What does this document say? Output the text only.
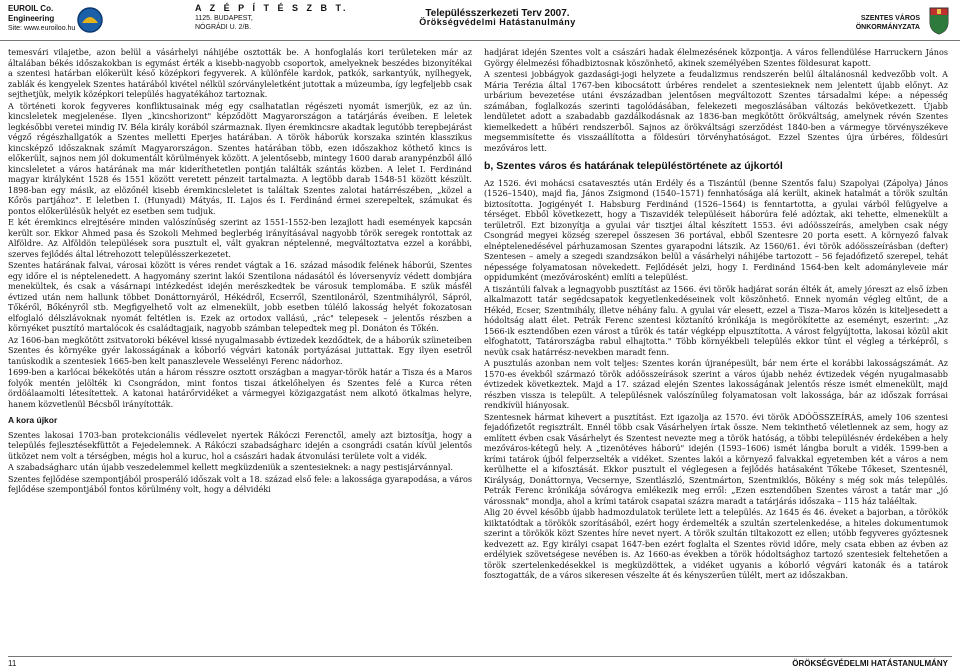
EUROIL Co.
Engineering
Site: www.euroiloo.hu
A Z É P Í T É S Z B T.
1125. BUDAPEST,
NÓGRÁDI U. 2/B.
Településszerkezeti Terv 2007.
Örökségvédelmi Hatástanulmány	SZENTES VÁROS
ÖNKORMÁNYZATA

temesvári vilajetbe, azon belül a vásárhelyi náhijébe osztották be. A honfoglalás kori területeken már az általában békés időszakokban is egymást érték a kisebb-nagyobb csoportok, amelyeknek beszédes bizonyítékai a szentesi határban előkerült késő középkori fegyverek. A különféle kardok, patkók, sarkantyúk, nyílhegyek, zablák és kengyelek Szentes határából kivétel nélkül szórványleletként jutottak a múzeumba, így legfeljebb csak sejthetjük, melyik középkori település hagyatékához tartoznak.

A történeti korok fegyveres konfliktusainak még egy csalhatatlan régészeti nyomát ismerjük, ez az ún. kincsleletek megjelenése. Ilyen „kincshorizont" képződött Magyarországon a tatárjárás éveiben. E leletek legkésőbbi veretei mindig IV. Béla király korából származnak. Ilyen éremkincsre akadtak legutóbb terepbejárást végző régészhallgatók a Szentes melletti Eperjes határában. A török háborúk korszaka szintén klasszikus kincsképző időszaknak számít Magyarországon. Szentes határában több, ezen időszakhoz köthető kincs is előkerült, sajnos nem jól dokumentált körülmények között. A jelentősebb, mintegy 1600 darab aranypénzből álló kincsleletet a város határának ma már kideríthetetlen pontján találták szántás közben. A lelet I. Ferdinánd magyar királyként 1528 és 1551 között veretett pénzeit tartalmazta. A legtöbb darab 1548-51 között készült. 1898-ban egy másik, az elözőnél kisebb éremkincsleletet is találtak Szentes zalotai határrészében, „közel a Kőrös partjához". E leletben I. (Hunyadi) Mátyás, II. Lajos és I. Ferdinánd érmei szerepeltek, számukat és pontos előkerülésük helyét ez esetben sem tudjuk.

E két éremkincs elrejtésére minden valószínűség szerint az 1551-1552-ben lezajlott hadi események kapcsán került sor. Ekkor Ahmed pasa és Szokoli Mehmed beglerbég irányításával nagyobb török seregek rontottak az Alföldre. Az Alföldön települések sora pusztult el, vált gyakran néptelenné, megváltoztatva ezzel a korábbi, szerves fejlődés által létrehozott településszerkezetet.

Szentes határának falvai, városai között is véres rendet vágtak a 16. század második felének háborúi, Szentes egy időre el is néptelenedett. A hagyomány szerint lakói Szentilona nádasától és lóversenyvíz védett dombjára menekültek, és csak a vásárnapi intézkedést idején merészkedtek be városuk templomába. E szük másfél évtized után nem hallunk többet Donáttornyáról, Hékédről, Ecserről, Szentilonáról, Szentmihályról, Sápról, Tőkéről, Bőkényről stb. Megfigyelhető volt az elmenekült, jobb esetben túlélő lakosság helyét fokozatosan elfoglaló délszlávoknak nyomát feltétlen is. Ezek az ortodox vallású, „rác" telepesek – jelentős részben a környéket pusztító martalócok és családtagjaik, nagyobb számban telepedtek meg pl. Donáton és Tőkén.

Az 1606-ban megkötött zsitvatoroki békével kissé nyugalmasabb évtizedek kezdődtek, de a háborúk szüneteiben Szentes és környéke gyér lakosságának a kóborló végvári katonák portyázásai juttattak. Egy ilyen esetről tanúskodik a szentesiek 1665-ben kelt panaszlevele Wesselényi Ferenc nádorhoz.

1699-ben a karlócai békekötés után a három résszre osztott országban a magyar-török határ a Tisza és a Maros folyók mentén jelölték ki Csongrádon, mint fontos tiszai átkelőhelyen és Szentes felé a Kurca réten ördöálaamolti létesítettek. A katonai határőrvidéket a vármegyei közigazgatást nem alkotó ötkalmas helyre, hanem közvetlenül Bécsből irányították.

A kora újkor

Szentes lakosai 1703-ban protekcionális védlevelet nyertek Rákóczi Ferenctől, amely azt biztosítja, hogy a település fejlesztésekfüttöt a Fejedelemnek. A Rákóczi szabadságharc idején a csongrádi csatán kívül jelentős ütközet nem volt a térségben, mégis hol a kuruc, hol a császári hadak átvonulási területe volt a vidék.

A szabadságharc után újabb veszedelemmel kellett megküzdeniük a szentesieknek: a nagy pestisjárvánnyal.

Szentes fejlődése szempontjából prosperáló időszak volt a 18. század első fele: a lakossága gyarapodása, a város fejlődése szempontjából fontos körülmény volt, hogy a délvidéki

hadjárat idején Szentes volt a császári hadak élelmezésének központja. A város fellendülése Harruckern János György élelmezési főhadbiztosnak köszönhető, akinek személyében Szentes földesurat kapott.

A szentesi jobbágyok gazdasági-jogi helyzete a feudalizmus rendszerén belül általánosnál kedvezőbb volt. A Mária Terézia által 1767-ben kibocsátott úrbéres rendelet a szentesieknek nem jelentett újabb előnyt. Az urbárium bevezetése utáni évszázadban jelentősen megváltozott Szentes társadalmi képe: a népesség számában, foglalkozás szerinti tagolódásában, felekezeti megoszlásában változás bekövetkezett. Újabb lendületet adott a szabadabb gazdálkodásnak az 1836-ban megkötött örökváltság, amelynek révén Szentes kiemelkedett a hűbéri rendszerből. Sajnos az örökváltsági szerződést 1840-ben a vármegye törvényszékeve megsemmisítette és visszaállította a földesúri törvényhatóságot. Ezzel Szentes újra úrbéres, földesúri mezőváros lett.

b, Szentes város és határának településtörténete az újkortól

Az 1526. évi mohácsi csatavesztés után Erdély és a Tiszántúl (benne Szentős falu) Szapolyai (Zápolya) János (1526–1540), majd fia, János Zsigmond (1540–1571) fennhatósága alá került, akinek hatalmát a török szultán biztosította. Jogigényét I. Habsburg Ferdinánd (1526–1564) is fenntartotta, a gyulai várból felügyelve a térséget. Ebből következett, hogy a Tiszavidék településeit háborúra felé adóztak, aki tehette, elmenekült a területről. Ezt bizonyítja a gyulai vár tisztjei által készített 1553. évi adóösszeírás, amelyben csak négy Csongrád megyei község szerepel összesen 36 portával, ebből Szentesre 20 porta esett. A környező falvak elnéptelenedésével párhuzamosan Szentes gyarapodni látszik. Az 1560/61. évi török adóösszeírásban (defter) Szentesen – amely a szegedi szandzsákon belül a vásárhelyi náhijébe tartozott – 56 fejadófizető szerepel, tehát népessége folyamatosan növekedett. Fejlődését jelzi, hogy I. Ferdinánd 1564-ben kelt adományleveie már oppidumként (mezővárosként) említi a települést.

A tiszántúli falvak a legnagyobb pusztítást az 1566. évi török hadjárat során élték át, amely jóreszt az első ízben alkalmazott tatár segédcsapatok kegyetlenkedéseinek volt köszönhető. Ennek nyomán végleg eltűnt, de a Hékéd, Ecser, Szentmihály, illetve néhány falu. A gyulai vár elesett, ezzel a Tisza–Maros közén is kiteljesedett a hódoltság alatt élet. Petrák Ferenc szentesi köztanító krónikája is megörökítette az eseményt, eszerint: „Az 1566-ik esztendőben ezen várost a tűrök és tatár végképp elpusztította. A várost felgyújtotta, lakosai közül akit elfoghatott, Tatárországba rabul elhajtotta." Több környékbeli település ekkor tűnt el végleg a térképről, s nevük csak határrész-nevekben maradt fenn.

A pusztulás azonban nem volt teljes: Szentes korán újranépesült, bár nem érte el korábbi lakosságszámát. Az 1570-es évekből származó török adóösszeírások szerint a város újabb nehéz évtizedek végén nyugalmasabb évtizedek következtek. Majd a 17. század elején Szentes lakosságának jelentős része ismét elmenekült, majd részben vissza is települt. A településnek valószínűleg folyamatosan volt lakossága, bár az időszak forrásai rendkívül hiányosak.

Szentesnek hármat kihevert a pusztítást. Ezt igazolja az 1570. évi török ADÓÖSSZEÍRÁS, amely 106 szentesi fejadófizetőt regisztrált. Ennél több csak Vásárhelyen írtak össze. Nem tekinthető véletlennek az sem, hogy az említett évben csak Vásárhelyt és Szentest nevezte meg a török hatóság, a többi településnév érdekében a hely mezőváros-kétegű hely. A „tizenötéves háború" idején (1593–1606) ismét lángba borult a vidék. 1599-ben a krími tatárok újból felperzselték a vidéket. Szentes lakói a környező falvakkal egyetemben két a város a nem kerülhette el a kifosztását. Ekkor pusztult el véglegesen a fejlődés hatásaként Tőkebe Tőkeset, Szentesnél, Királyság, Donáttornya, Vecsernye, Szentlászló, Szentmárton, Szentmiklós, Bökény s még sok más település. Petrák Ferenc krónikája sóvárogva emlékezik meg erről: „Ezen esztendőben Szentes várost a tatár mar „jó várossnak" mondja, ahol a krími tatárok csapatai százra maradt a tatárjárás időszaka – 115 ház taláéltak.

Alig 20 évvel később újabb hadmozdulatok területe lett a település. Az 1645 és 46. éveket a bajorban, a törökök kiiktatódtak a törökök szorításából, ezért hogy érdemelték a szultán szertelenkedése, a hiteles dokumentumok szerint a törökök közt Szentes híre nevet nyert. A török szultán tiltakozott ez ellen; utóbb fegyveres győztesnek kedvezett az. Egy királyi csapat 1647-ben ezért foglalta el Szentes rövid időre, mely csata ebben az évben az erdélyiek szövetségese nevében is. Az 1660-as években a török hódoltsághoz tartozó szentesiek feltehetően a török szertelenkedésekkel is megküzdöttek, a vidéket ugyanis a kóborló végvári katonák és a tatárok fosztogatták, de a város sikeresen vészelte át és kényszerűen túlélt, mert az időszakban.

11	ÖRÖKSÉGVÉDELMI HATÁSTANULMÁNY
